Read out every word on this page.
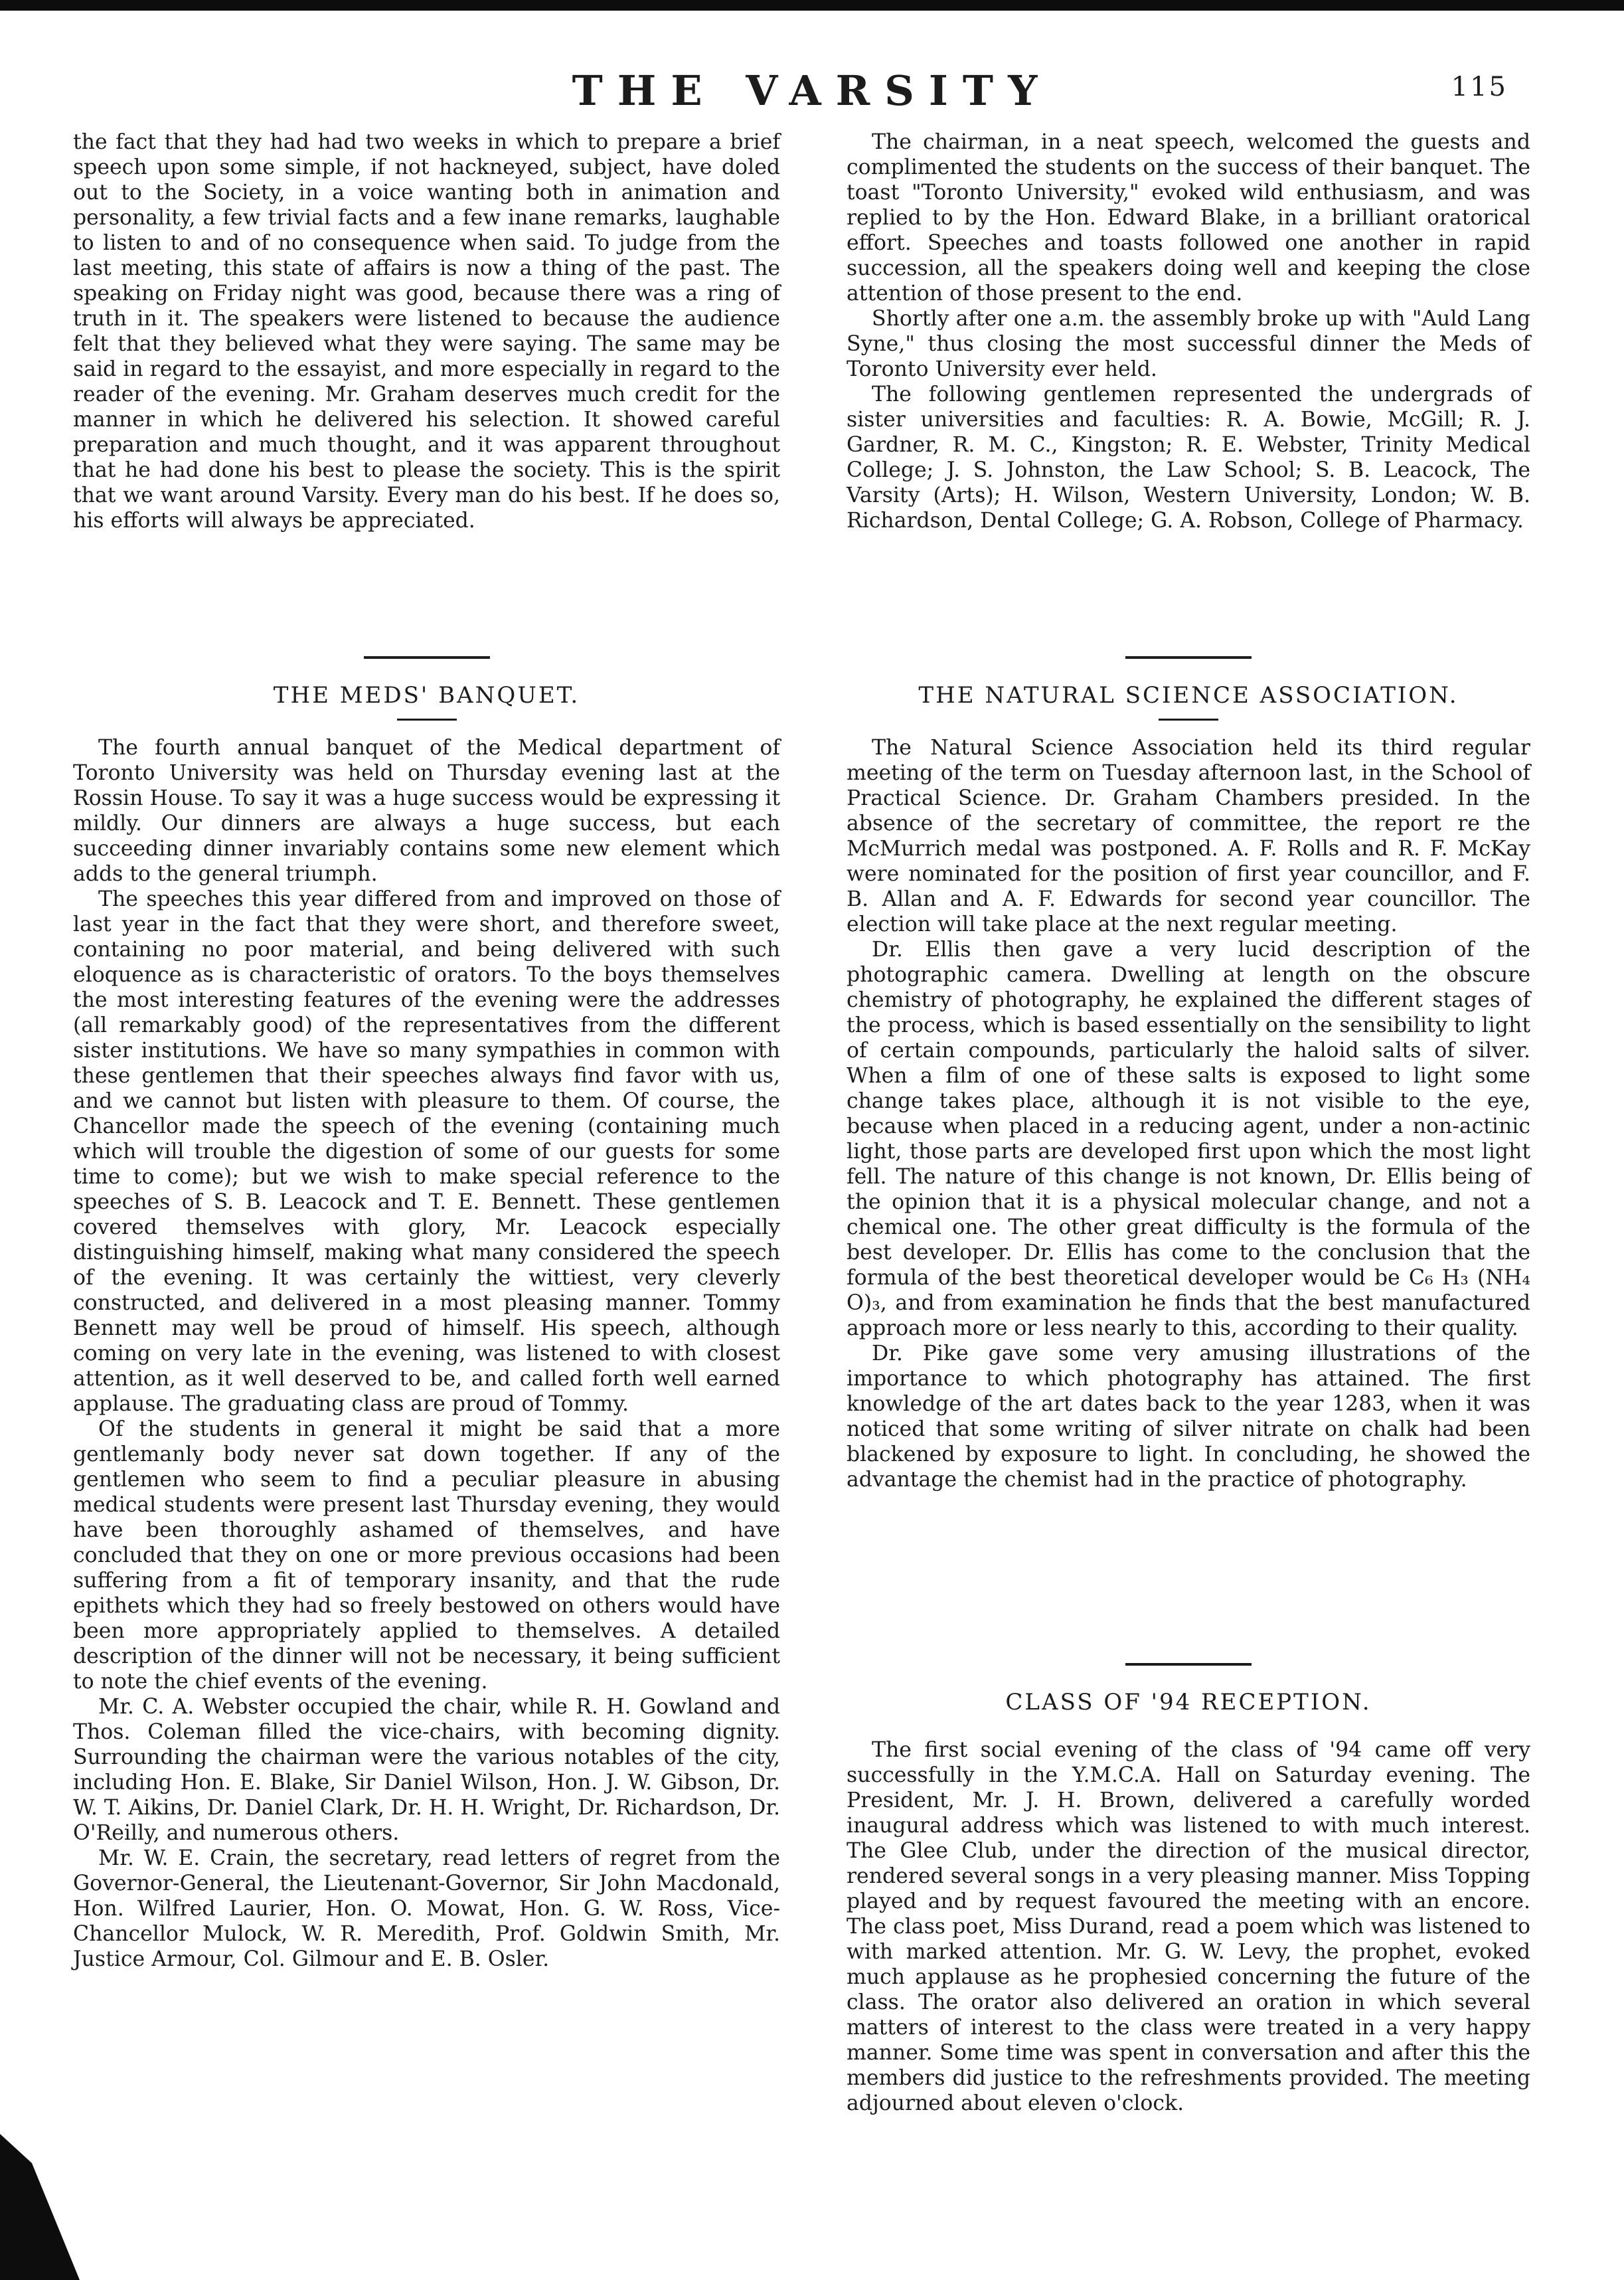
THE VARSITY	115

the fact that they had had two weeks in which to prepare a brief speech upon some simple, if not hackneyed, subject, have doled out to the Society, in a voice wanting both in animation and personality, a few trivial facts and a few inane remarks, laughable to listen to and of no consequence when said. To judge from the last meeting, this state of affairs is now a thing of the past. The speaking on Friday night was good, because there was a ring of truth in it. The speakers were listened to because the audience felt that they believed what they were saying. The same may be said in regard to the essayist, and more especially in regard to the reader of the evening. Mr. Graham deserves much credit for the manner in which he delivered his selection. It showed careful preparation and much thought, and it was apparent throughout that he had done his best to please the society. This is the spirit that we want around Varsity. Every man do his best. If he does so, his efforts will always be appreciated.

THE MEDS' BANQUET.

The fourth annual banquet of the Medical department of Toronto University was held on Thursday evening last at the Rossin House. To say it was a huge success would be expressing it mildly. Our dinners are always a huge success, but each succeeding dinner invariably contains some new element which adds to the general triumph.

The speeches this year differed from and improved on those of last year in the fact that they were short, and therefore sweet, containing no poor material, and being delivered with such eloquence as is characteristic of orators. To the boys themselves the most interesting features of the evening were the addresses (all remarkably good) of the representatives from the different sister institutions. We have so many sympathies in common with these gentlemen that their speeches always find favor with us, and we cannot but listen with pleasure to them. Of course, the Chancellor made the speech of the evening (containing much which will trouble the digestion of some of our guests for some time to come); but we wish to make special reference to the speeches of S. B. Leacock and T. E. Bennett. These gentlemen covered themselves with glory, Mr. Leacock especially distinguishing himself, making what many considered the speech of the evening. It was certainly the wittiest, very cleverly constructed, and delivered in a most pleasing manner. Tommy Bennett may well be proud of himself. His speech, although coming on very late in the evening, was listened to with closest attention, as it well deserved to be, and called forth well earned applause. The graduating class are proud of Tommy.

Of the students in general it might be said that a more gentlemanly body never sat down together. If any of the gentlemen who seem to find a peculiar pleasure in abusing medical students were present last Thursday evening, they would have been thoroughly ashamed of themselves, and have concluded that they on one or more previous occasions had been suffering from a fit of temporary insanity, and that the rude epithets which they had so freely bestowed on others would have been more appropriately applied to themselves. A detailed description of the dinner will not be necessary, it being sufficient to note the chief events of the evening.

Mr. C. A. Webster occupied the chair, while R. H. Gowland and Thos. Coleman filled the vice-chairs, with becoming dignity. Surrounding the chairman were the various notables of the city, including Hon. E. Blake, Sir Daniel Wilson, Hon. J. W. Gibson, Dr. W. T. Aikins, Dr. Daniel Clark, Dr. H. H. Wright, Dr. Richardson, Dr. O'Reilly, and numerous others.

Mr. W. E. Crain, the secretary, read letters of regret from the Governor-General, the Lieutenant-Governor, Sir John Macdonald, Hon. Wilfred Laurier, Hon. O. Mowat, Hon. G. W. Ross, Vice-Chancellor Mulock, W. R. Meredith, Prof. Goldwin Smith, Mr. Justice Armour, Col. Gilmour and E. B. Osler.

The chairman, in a neat speech, welcomed the guests and complimented the students on the success of their banquet. The toast "Toronto University," evoked wild enthusiasm, and was replied to by the Hon. Edward Blake, in a brilliant oratorical effort. Speeches and toasts followed one another in rapid succession, all the speakers doing well and keeping the close attention of those present to the end.

Shortly after one a.m. the assembly broke up with "Auld Lang Syne," thus closing the most successful dinner the Meds of Toronto University ever held.

The following gentlemen represented the undergrads of sister universities and faculties: R. A. Bowie, McGill; R. J. Gardner, R. M. C., Kingston; R. E. Webster, Trinity Medical College; J. S. Johnston, the Law School; S. B. Leacock, The Varsity (Arts); H. Wilson, Western University, London; W. B. Richardson, Dental College; G. A. Robson, College of Pharmacy.

THE NATURAL SCIENCE ASSOCIATION.

The Natural Science Association held its third regular meeting of the term on Tuesday afternoon last, in the School of Practical Science. Dr. Graham Chambers presided. In the absence of the secretary of committee, the report re the McMurrich medal was postponed. A. F. Rolls and R. F. McKay were nominated for the position of first year councillor, and F. B. Allan and A. F. Edwards for second year councillor. The election will take place at the next regular meeting.

Dr. Ellis then gave a very lucid description of the photographic camera. Dwelling at length on the obscure chemistry of photography, he explained the different stages of the process, which is based essentially on the sensibility to light of certain compounds, particularly the haloid salts of silver. When a film of one of these salts is exposed to light some change takes place, although it is not visible to the eye, because when placed in a reducing agent, under a non-actinic light, those parts are developed first upon which the most light fell. The nature of this change is not known, Dr. Ellis being of the opinion that it is a physical molecular change, and not a chemical one. The other great difficulty is the formula of the best developer. Dr. Ellis has come to the conclusion that the formula of the best theoretical developer would be C₆ H₃ (NH₄ O)₃, and from examination he finds that the best manufactured approach more or less nearly to this, according to their quality.

Dr. Pike gave some very amusing illustrations of the importance to which photography has attained. The first knowledge of the art dates back to the year 1283, when it was noticed that some writing of silver nitrate on chalk had been blackened by exposure to light. In concluding, he showed the advantage the chemist had in the practice of photography.

CLASS OF '94 RECEPTION.

The first social evening of the class of '94 came off very successfully in the Y.M.C.A. Hall on Saturday evening. The President, Mr. J. H. Brown, delivered a carefully worded inaugural address which was listened to with much interest. The Glee Club, under the direction of the musical director, rendered several songs in a very pleasing manner. Miss Topping played and by request favoured the meeting with an encore. The class poet, Miss Durand, read a poem which was listened to with marked attention. Mr. G. W. Levy, the prophet, evoked much applause as he prophesied concerning the future of the class. The orator also delivered an oration in which several matters of interest to the class were treated in a very happy manner. Some time was spent in conversation and after this the members did justice to the refreshments provided. The meeting adjourned about eleven o'clock.
